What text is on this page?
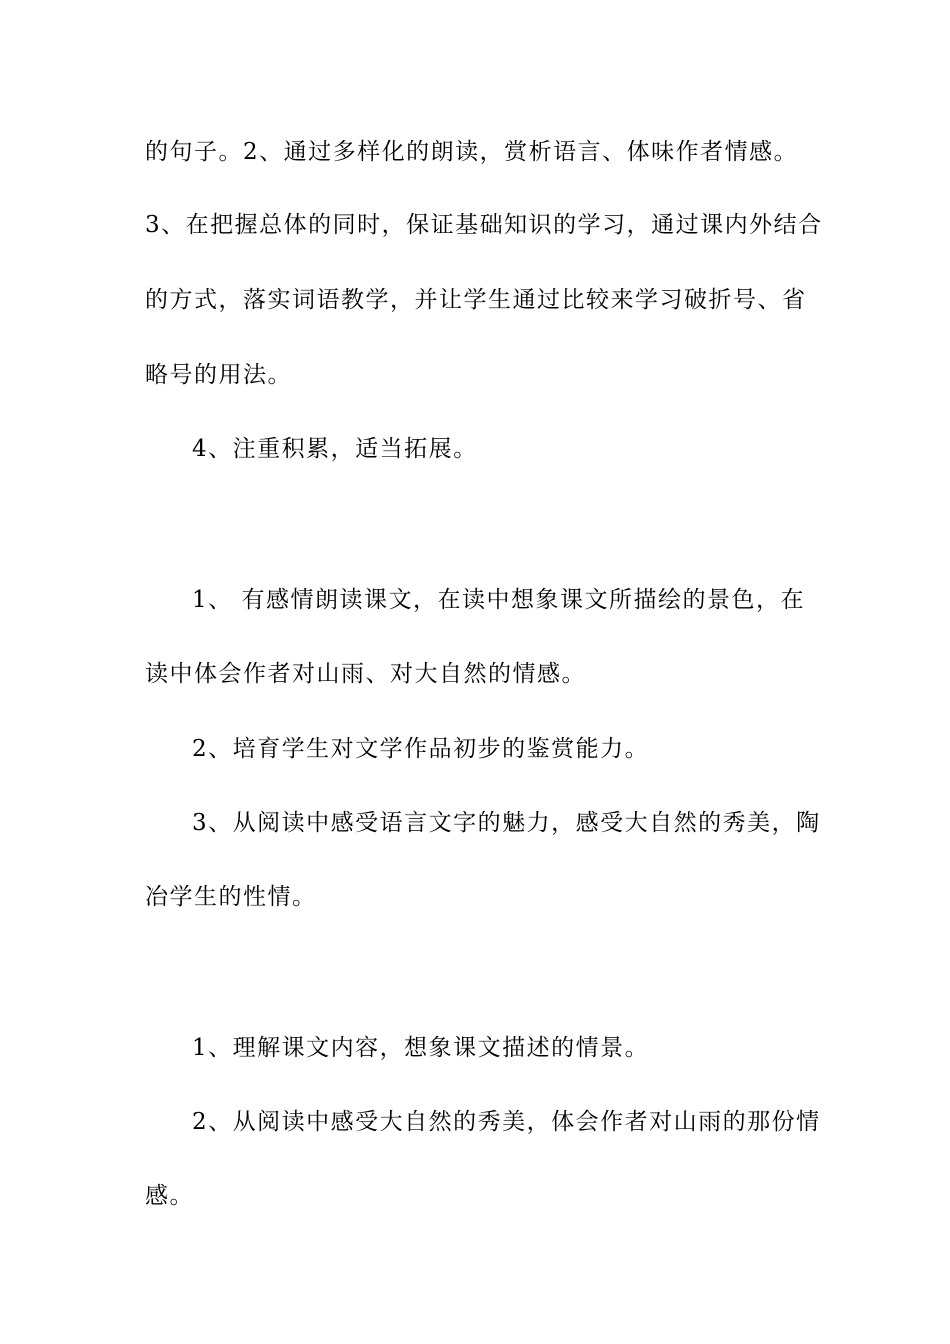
的句子。2、通过多样化的朗读，赏析语言、体味作者情感。
3、在把握总体的同时，保证基础知识的学习，通过课内外结合
的方式，落实词语教学，并让学生通过比较来学习破折号、省
略号的用法。
4、注重积累，适当拓展。
1、 有感情朗读课文，在读中想象课文所描绘的景色，在
读中体会作者对山雨、对大自然的情感。
2、培育学生对文学作品初步的鉴赏能力。
3、从阅读中感受语言文字的魅力，感受大自然的秀美，陶
冶学生的性情。
1、理解课文内容，想象课文描述的情景。
2、从阅读中感受大自然的秀美，体会作者对山雨的那份情
感。
